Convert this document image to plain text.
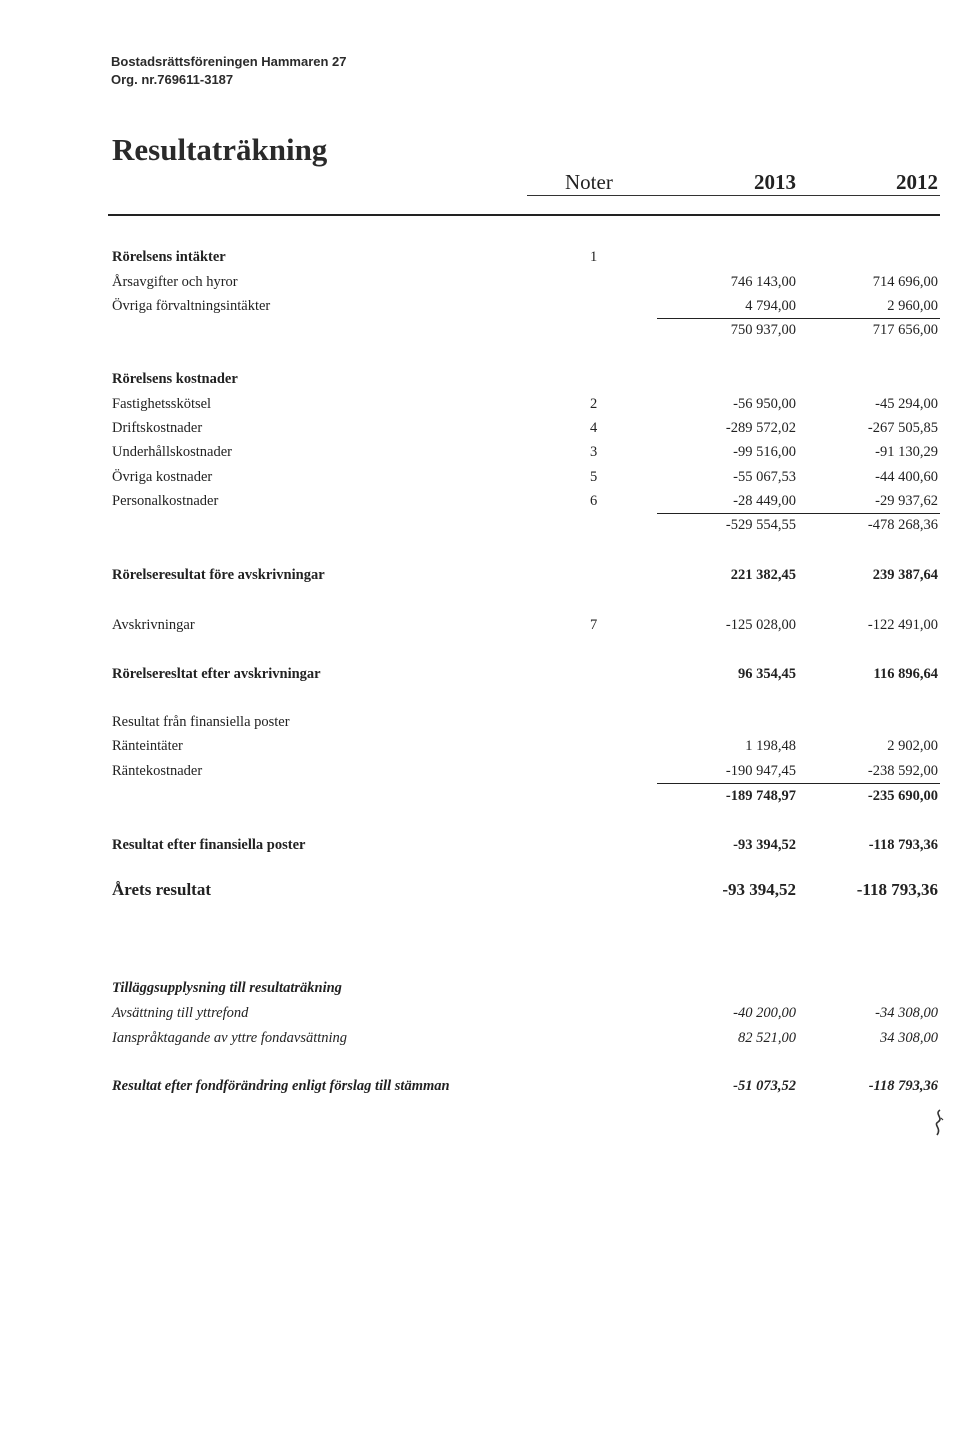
Bostadsrättsföreningen Hammaren 27
Org. nr.769611-3187
Resultaträkning
Noter	2013	2012
Rörelsens intäkter	1
Årsavgifter och hyror	746 143,00	714 696,00
Övriga förvaltningsintäkter	4 794,00	2 960,00
750 937,00	717 656,00
Rörelsens kostnader
Fastighetsskötsel	2	-56 950,00	-45 294,00
Driftskostnader	4	-289 572,02	-267 505,85
Underhållskostnader	3	-99 516,00	-91 130,29
Övriga kostnader	5	-55 067,53	-44 400,60
Personalkostnader	6	-28 449,00	-29 937,62
-529 554,55	-478 268,36
Rörelseresultat före avskrivningar	221 382,45	239 387,64
Avskrivningar	7	-125 028,00	-122 491,00
Rörelseresltat efter avskrivningar	96 354,45	116 896,64
Resultat från finansiella poster
Ränteintäter	1 198,48	2 902,00
Räntekostnader	-190 947,45	-238 592,00
-189 748,97	-235 690,00
Resultat efter finansiella poster	-93 394,52	-118 793,36
Årets resultat	-93 394,52	-118 793,36
Tilläggsupplysning till resultaträkning
Avsättning till yttrefond	-40 200,00	-34 308,00
Ianspråktagande av yttre fondavsättning	82 521,00	34 308,00
Resultat efter fondförändring enligt förslag till stämman	-51 073,52	-118 793,36
